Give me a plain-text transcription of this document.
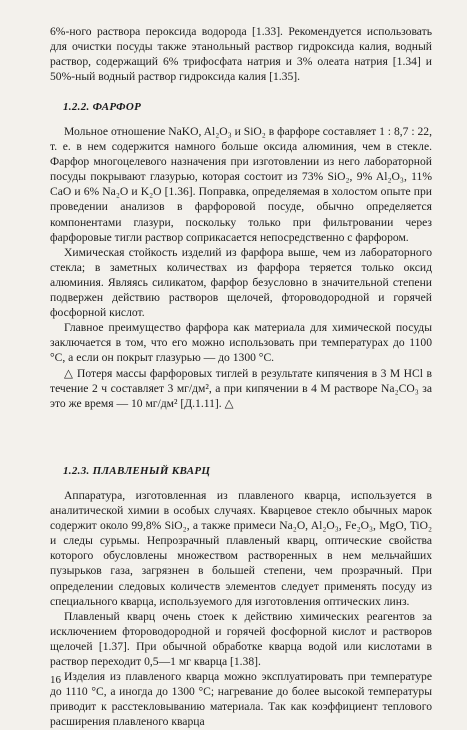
6%-ного раствора пероксида водорода [1.33]. Рекомендуется использовать для очистки посуды также этанольный раствор гидроксида калия, водный раствор, содержащий 6% трифосфата натрия и 3% олеата натрия [1.34] и 50%-ный водный раствор гидроксида калия [1.35].

1.2.2. ФАРФОР

Мольное отношение NaKO, Al₂O₃ и SiO₂ в фарфоре составляет 1 : 8,7 : 22, т. е. в нем содержится намного больше оксида алюминия, чем в стекле. Фарфор многоцелевого назначения при изготовлении из него лабораторной посуды покрывают глазурью, которая состоит из 73% SiO₂, 9% Al₂O₃, 11% CaO и 6% Na₂O и K₂O [1.36]. Поправка, определяемая в холостом опыте при проведении анализов в фарфоровой посуде, обычно определяется компонентами глазури, поскольку только при фильтровании через фарфоровые тигли раствор соприкасается непосредственно с фарфором.

Химическая стойкость изделий из фарфора выше, чем из лабораторного стекла; в заметных количествах из фарфора теряется только оксид алюминия. Являясь силикатом, фарфор безусловно в значительной степени подвержен действию растворов щелочей, фтороводородной и горячей фосфорной кислот.

Главное преимущество фарфора как материала для химической посуды заключается в том, что его можно использовать при температурах до 1100 °C, а если он покрыт глазурью — до 1300 °C.

△ Потеря массы фарфоровых тиглей в результате кипячения в 3 M HCl в течение 2 ч составляет 3 мг/дм², а при кипячении в 4 M растворе Na₂CO₃ за это же время — 10 мг/дм² [Д.1.11]. △

1.2.3. ПЛАВЛЕНЫЙ КВАРЦ

Аппаратура, изготовленная из плавленого кварца, используется в аналитической химии в особых случаях. Кварцевое стекло обычных марок содержит около 99,8% SiO₂, а также примеси Na₂O, Al₂O₃, Fe₂O₃, MgO, TiO₂ и следы сурьмы. Непрозрачный плавленый кварц, оптические свойства которого обусловлены множеством растворенных в нем мельчайших пузырьков газа, загрязнен в большей степени, чем прозрачный. При определении следовых количеств элементов следует применять посуду из специального кварца, используемого для изготовления оптических линз.

Плавленый кварц очень стоек к действию химических реагентов за исключением фтороводородной и горячей фосфорной кислот и растворов щелочей [1.37]. При обычной обработке кварца водой или кислотами в раствор переходит 0,5—1 мг кварца [1.38].

Изделия из плавленого кварца можно эксплуатировать при температуре до 1110 °C, а иногда до 1300 °C; нагревание до более высокой температуры приводит к расстекловыванию материала. Так как коэффициент теплового расширения плавленого кварца

16
